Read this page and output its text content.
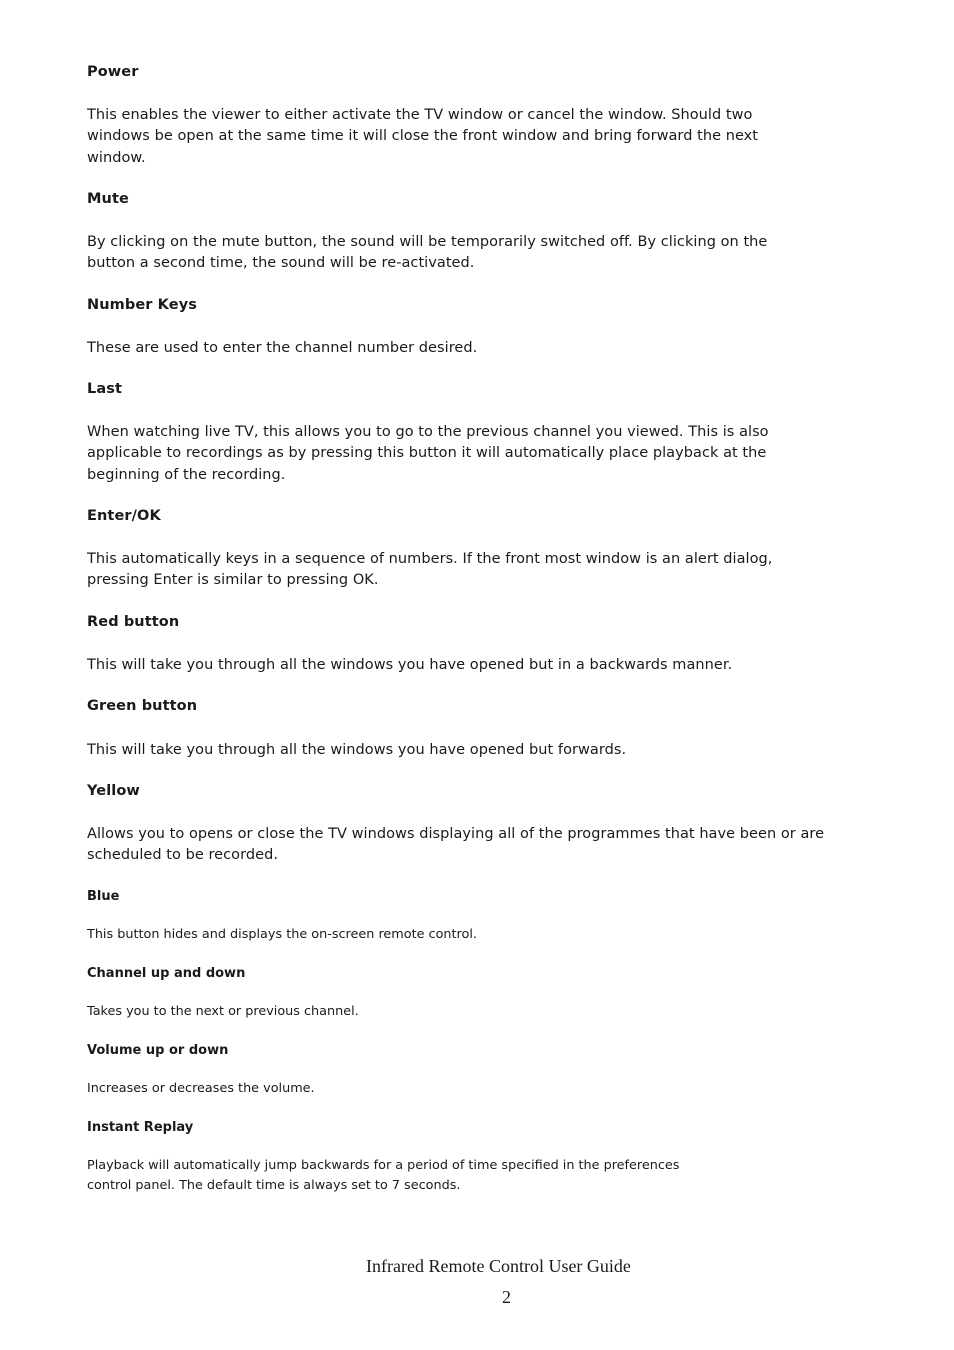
Power
This enables the viewer to either activate the TV window or cancel the window. Should two
windows be open at the same time it will close the front window and bring forward the next
window.
Mute
By clicking on the mute button, the sound will be temporarily switched off. By clicking on the
button a second time, the sound will be re-activated.
Number Keys
These are used to enter the channel number desired.
Last
When watching live TV, this allows you to go to the previous channel you viewed. This is also
applicable to recordings as by pressing this button it will automatically place playback at the
beginning of the recording.
Enter/OK
This automatically keys in a sequence of numbers. If the front most window is an alert dialog,
pressing Enter is similar to pressing OK.
Red button
This will take you through all the windows you have opened but in a backwards manner.
Green button
This will take you through all the windows you have opened but forwards.
Yellow
Allows you to opens or close the TV windows displaying all of the programmes that have been or are
scheduled to be recorded.
Blue
This button hides and displays the on-screen remote control.
Channel up and down
Takes you to the next or previous channel.
Volume up or down
Increases or decreases the volume.
Instant Replay
Playback will automatically jump backwards for a period of time specified in the preferences
control panel. The default time is always set to 7 seconds.
Infrared Remote Control User Guide
2
